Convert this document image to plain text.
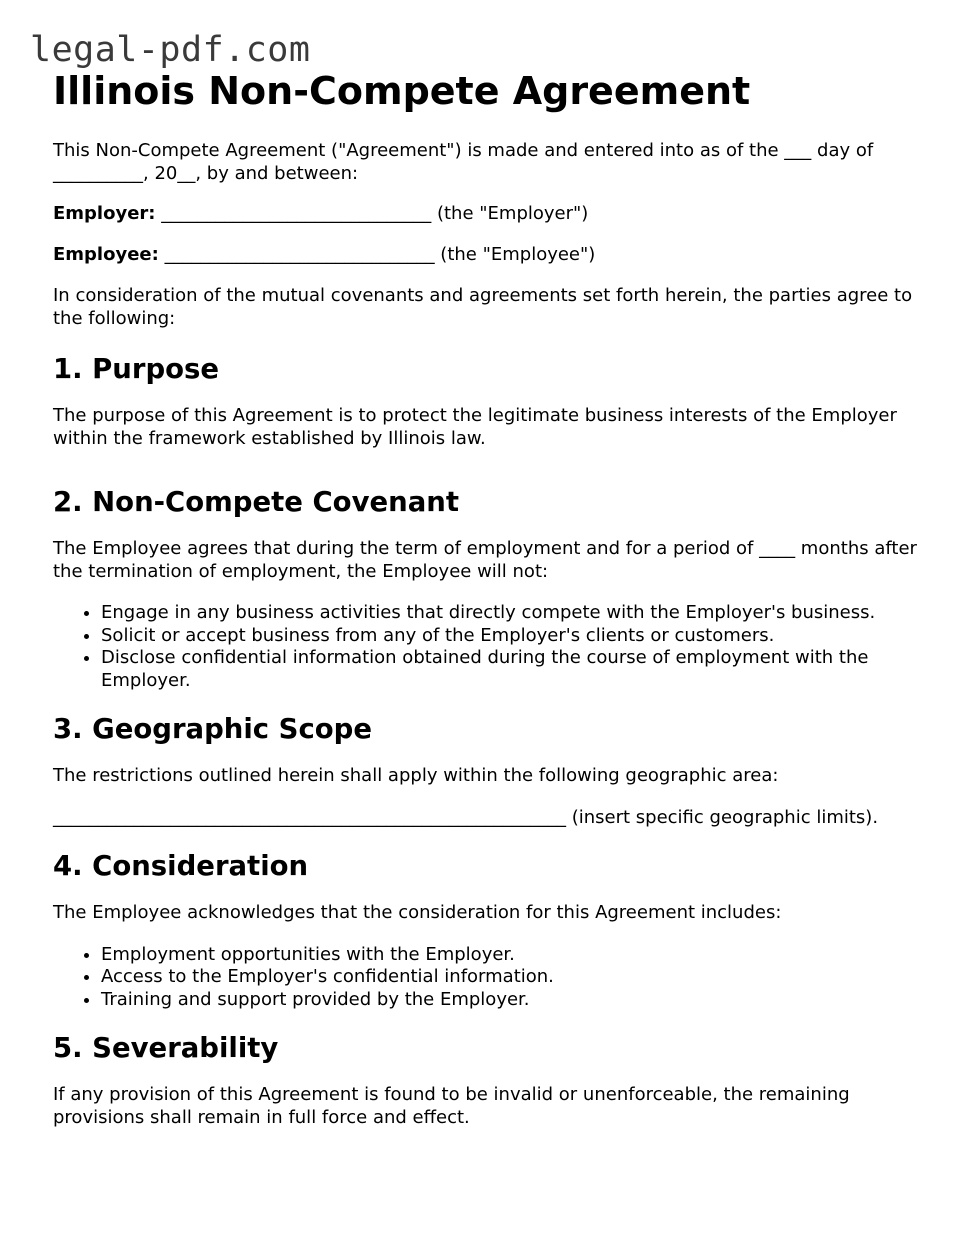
legal-pdf.com
Illinois Non-Compete Agreement

This Non-Compete Agreement ("Agreement") is made and entered into as of the ___ day of __________, 20__, by and between:

Employer: ______________________________ (the "Employer")

Employee: ______________________________ (the "Employee")

In consideration of the mutual covenants and agreements set forth herein, the parties agree to the following:

1. Purpose

The purpose of this Agreement is to protect the legitimate business interests of the Employer within the framework established by Illinois law.

2. Non-Compete Covenant

The Employee agrees that during the term of employment and for a period of ____ months after the termination of employment, the Employee will not:

• Engage in any business activities that directly compete with the Employer's business.
• Solicit or accept business from any of the Employer's clients or customers.
• Disclose confidential information obtained during the course of employment with the Employer.
3. Geographic Scope

The restrictions outlined herein shall apply within the following geographic area:

_________________________________________________________ (insert specific geographic limits).

4. Consideration

The Employee acknowledges that the consideration for this Agreement includes:

• Employment opportunities with the Employer.
• Access to the Employer's confidential information.
• Training and support provided by the Employer.
5. Severability

If any provision of this Agreement is found to be invalid or unenforceable, the remaining provisions shall remain in full force and effect.
